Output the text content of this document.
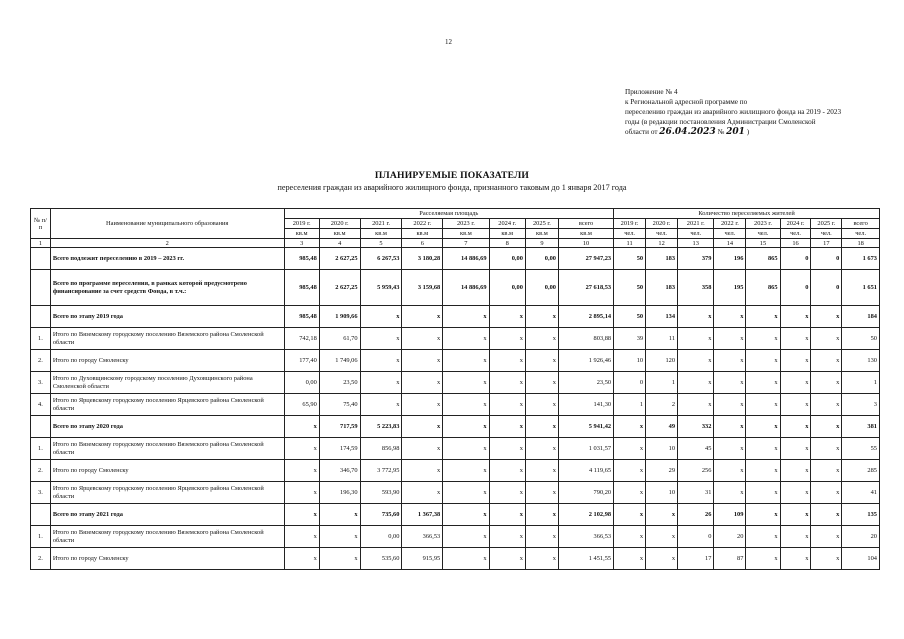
12
Приложение № 4
к Региональной адресной программе по
переселению граждан из аварийного жилищного фонда на 2019 - 2023
годы (в редакции постановления Администрации Смоленской
области от 26.04.2023 № 201 )
ПЛАНИРУЕМЫЕ ПОКАЗАТЕЛИ
переселения граждан из аварийного жилищного фонда, признанного таковым до 1 января 2017 года
№ п/п	Наименование муниципального образования	Расселяемая площадь								Количество переселяемых жителей							
		2019 г.	2020 г.	2021 г.	2022 г.	2023 г.	2024 г.	2025 г.	всего	2019 г.	2020 г.	2021 г.	2022 г.	2023 г.	2024 г.	2025 г.	всего
		кв.м	кв.м	кв.м	кв.м	кв.м	кв.м	кв.м	кв.м	чел.	чел.	чел.	чел.	чел.	чел.	чел.	чел.
1	2	3	4	5	6	7	8	9	10	11	12	13	14	15	16	17	18
	Всего подлежит переселению в 2019 – 2023 гг.	985,48	2 627,25	6 267,53	3 180,28	14 886,69	0,00	0,00	27 947,23	50	183	379	196	865	0	0	1 673
	Всего по программе переселения, в рамках которой предусмотрено финансирование за счет средств Фонда, в т.ч.:	985,48	2 627,25	5 959,43	3 159,68	14 886,69	0,00	0,00	27 618,53	50	183	358	195	865	0	0	1 651
	Всего по этапу 2019 года	985,48	1 909,66	x	x	x	x	x	2 895,14	50	134	x	x	x	x	x	184
1.	Итого по Вяземскому городскому поселению Вяземского района Смоленской области	742,18	61,70	x	x	x	x	x	803,88	39	11	x	x	x	x	x	50
2.	Итого по городу Смоленску	177,40	1 749,06	x	x	x	x	x	1 926,46	10	120	x	x	x	x	x	130
3.	Итого по Духовщинскому городскому поселению Духовщинского района Смоленской области	0,00	23,50	x	x	x	x	x	23,50	0	1	x	x	x	x	x	1
4.	Итого по Ярцевскому городскому поселению Ярцевского района Смоленской области	65,90	75,40	x	x	x	x	x	141,30	1	2	x	x	x	x	x	3
	Всего по этапу 2020 года	x	717,59	5 223,83	x	x	x	x	5 941,42	x	49	332	x	x	x	x	381
1.	Итого по Вяземскому городскому поселению Вяземского района Смоленской области	x	174,59	856,98	x	x	x	x	1 031,57	x	10	45	x	x	x	x	55
2.	Итого по городу Смоленску	x	346,70	3 772,95	x	x	x	x	4 119,65	x	29	256	x	x	x	x	285
3.	Итого по Ярцевскому городскому поселению Ярцевского района Смоленской области	x	196,30	593,90	x	x	x	x	790,20	x	10	31	x	x	x	x	41
	Всего по этапу 2021 года	x	x	735,60	1 367,38	x	x	x	2 102,98	x	x	26	109	x	x	x	135
1.	Итого по Вяземскому городскому поселению Вяземского района Смоленской области	x	x	0,00	366,53	x	x	x	366,53	x	x	0	20	x	x	x	20
2.	Итого по городу Смоленску	x	x	535,60	915,95	x	x	x	1 451,55	x	x	17	87	x	x	x	104
